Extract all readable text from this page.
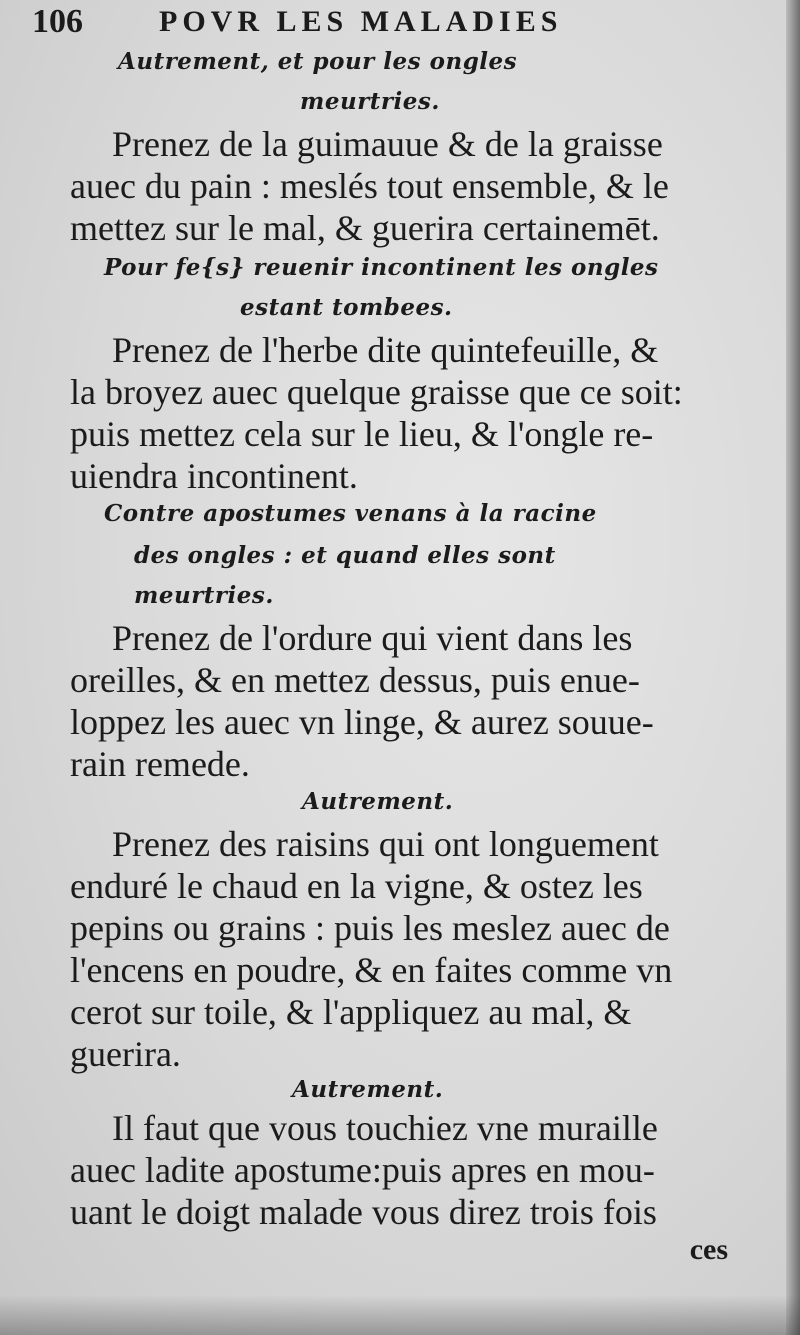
106	POVR LES MALADIES
Autrement, et pour les ongles
meurtries.
Prenez de la guimauue & de la graisse
auec du pain : meslés tout ensemble, & le
mettez sur le mal, & guerira certainemēt.
Pour fe{s} reuenir incontinent les ongles
estant tombees.
Prenez de l'herbe dite quintefeuille, &
la broyez auec quelque graisse que ce soit:
puis mettez cela sur le lieu, & l'ongle re-
uiendra incontinent.
Contre apostumes venans à la racine
des ongles : et quand elles sont
meurtries.
Prenez de l'ordure qui vient dans les
oreilles, & en mettez dessus, puis enue-
loppez les auec vn linge, & aurez souue-
rain remede.
Autrement.
Prenez des raisins qui ont longuement
enduré le chaud en la vigne, & ostez les
pepins ou grains : puis les meslez auec de
l'encens en poudre, & en faites comme vn
cerot sur toile, & l'appliquez au mal, &
guerira.
Autrement.
Il faut que vous touchiez vne muraille
auec ladite apostume:puis apres en mou-
uant le doigt malade vous direz trois fois
ces
